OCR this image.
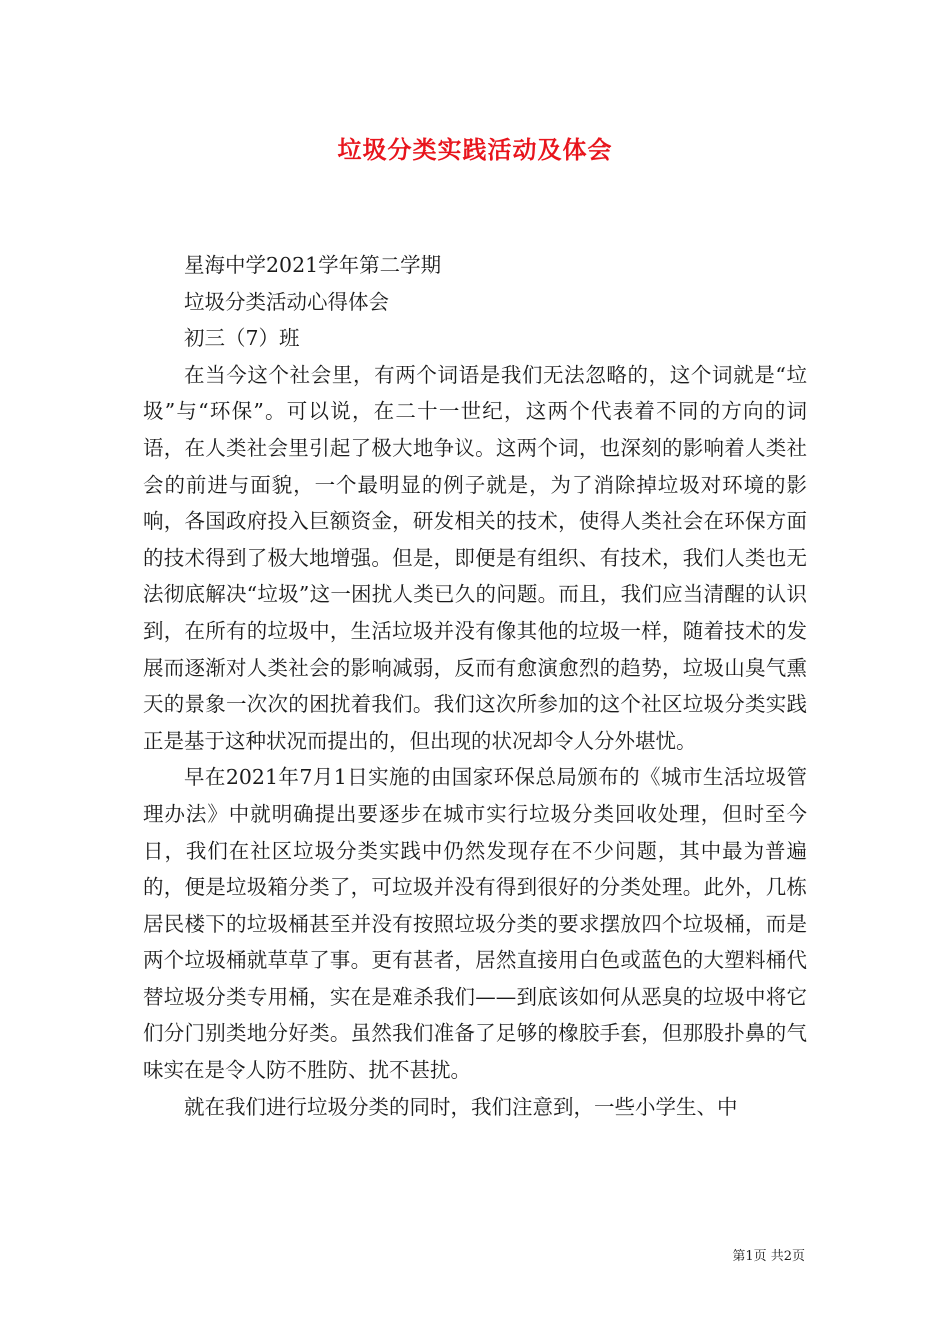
垃圾分类实践活动及体会

星海中学2021学年第二学期

垃圾分类活动心得体会

初三（7）班

在当今这个社会里，有两个词语是我们无法忽略的，这个词就是“垃圾”与“环保”。可以说，在二十一世纪，这两个代表着不同的方向的词语，在人类社会里引起了极大地争议。这两个词，也深刻的影响着人类社会的前进与面貌，一个最明显的例子就是，为了消除掉垃圾对环境的影响，各国政府投入巨额资金，研发相关的技术，使得人类社会在环保方面的技术得到了极大地增强。但是，即便是有组织、有技术，我们人类也无法彻底解决“垃圾”这一困扰人类已久的问题。而且，我们应当清醒的认识到，在所有的垃圾中，生活垃圾并没有像其他的垃圾一样，随着技术的发展而逐渐对人类社会的影响减弱，反而有愈演愈烈的趋势，垃圾山臭气熏天的景象一次次的困扰着我们。我们这次所参加的这个社区垃圾分类实践正是基于这种状况而提出的，但出现的状况却令人分外堪忧。

早在2021年7月1日实施的由国家环保总局颁布的《城市生活垃圾管理办法》中就明确提出要逐步在城市实行垃圾分类回收处理，但时至今日，我们在社区垃圾分类实践中仍然发现存在不少问题，其中最为普遍的，便是垃圾箱分类了，可垃圾并没有得到很好的分类处理。此外，几栋居民楼下的垃圾桶甚至并没有按照垃圾分类的要求摆放四个垃圾桶，而是两个垃圾桶就草草了事。更有甚者，居然直接用白色或蓝色的大塑料桶代替垃圾分类专用桶，实在是难杀我们——到底该如何从恶臭的垃圾中将它们分门别类地分好类。虽然我们准备了足够的橡胶手套，但那股扑鼻的气味实在是令人防不胜防、扰不甚扰。

就在我们进行垃圾分类的同时，我们注意到，一些小学生、中

第1页 共2页
